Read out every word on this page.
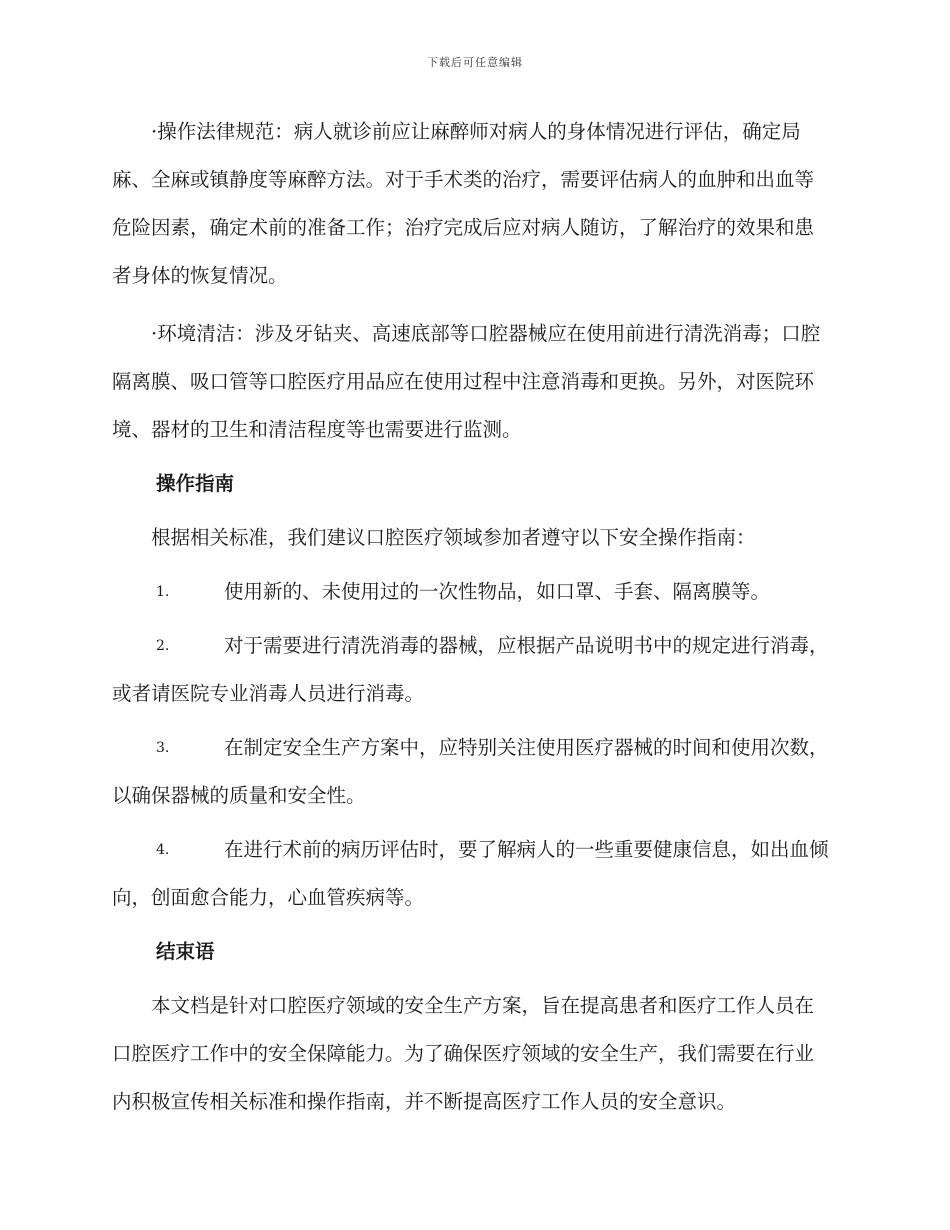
下载后可任意编辑

·操作法律规范：病人就诊前应让麻醉师对病人的身体情况进行评估，确定局麻、全麻或镇静度等麻醉方法。对于手术类的治疗，需要评估病人的血肿和出血等危险因素，确定术前的准备工作；治疗完成后应对病人随访，了解治疗的效果和患者身体的恢复情况。

·环境清洁：涉及牙钻夹、高速底部等口腔器械应在使用前进行清洗消毒；口腔隔离膜、吸口管等口腔医疗用品应在使用过程中注意消毒和更换。另外，对医院环境、器材的卫生和清洁程度等也需要进行监测。

操作指南

根据相关标准，我们建议口腔医疗领域参加者遵守以下安全操作指南：

1.	使用新的、未使用过的一次性物品，如口罩、手套、隔离膜等。

2.	对于需要进行清洗消毒的器械，应根据产品说明书中的规定进行消毒，或者请医院专业消毒人员进行消毒。

3.	在制定安全生产方案中，应特别关注使用医疗器械的时间和使用次数，以确保器械的质量和安全性。

4.	在进行术前的病历评估时，要了解病人的一些重要健康信息，如出血倾向，创面愈合能力，心血管疾病等。

结束语

本文档是针对口腔医疗领域的安全生产方案，旨在提高患者和医疗工作人员在口腔医疗工作中的安全保障能力。为了确保医疗领域的安全生产，我们需要在行业内积极宣传相关标准和操作指南，并不断提高医疗工作人员的安全意识。
